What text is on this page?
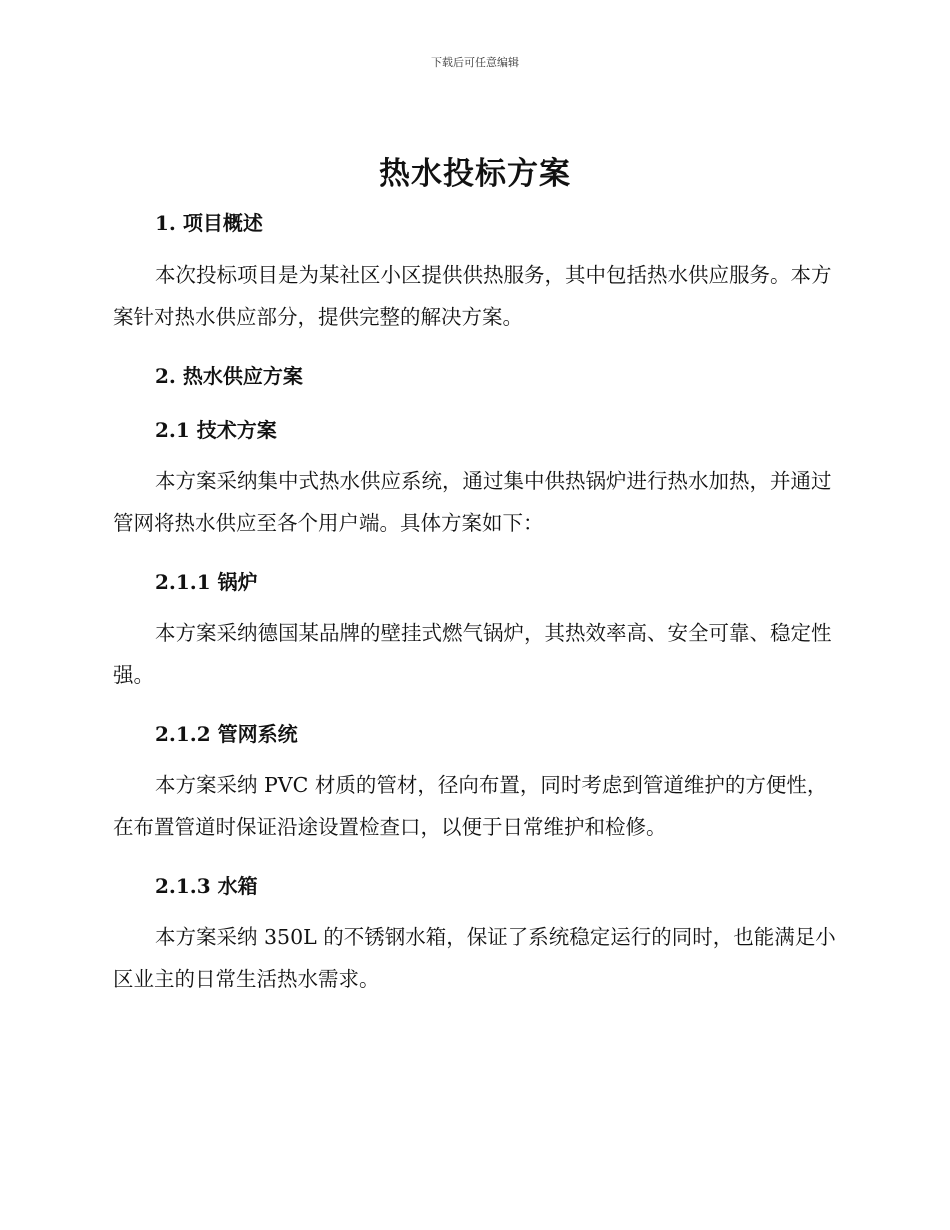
下载后可任意编辑
热水投标方案
1. 项目概述

本次投标项目是为某社区小区提供供热服务，其中包括热水供应服务。本方案针对热水供应部分，提供完整的解决方案。

2. 热水供应方案
2.1 技术方案

本方案采纳集中式热水供应系统，通过集中供热锅炉进行热水加热，并通过管网将热水供应至各个用户端。具体方案如下：

2.1.1 锅炉

本方案采纳德国某品牌的壁挂式燃气锅炉，其热效率高、安全可靠、稳定性强。

2.1.2 管网系统

本方案采纳 PVC 材质的管材，径向布置，同时考虑到管道维护的方便性，在布置管道时保证沿途设置检查口，以便于日常维护和检修。

2.1.3 水箱

本方案采纳 350L 的不锈钢水箱，保证了系统稳定运行的同时，也能满足小区业主的日常生活热水需求。
